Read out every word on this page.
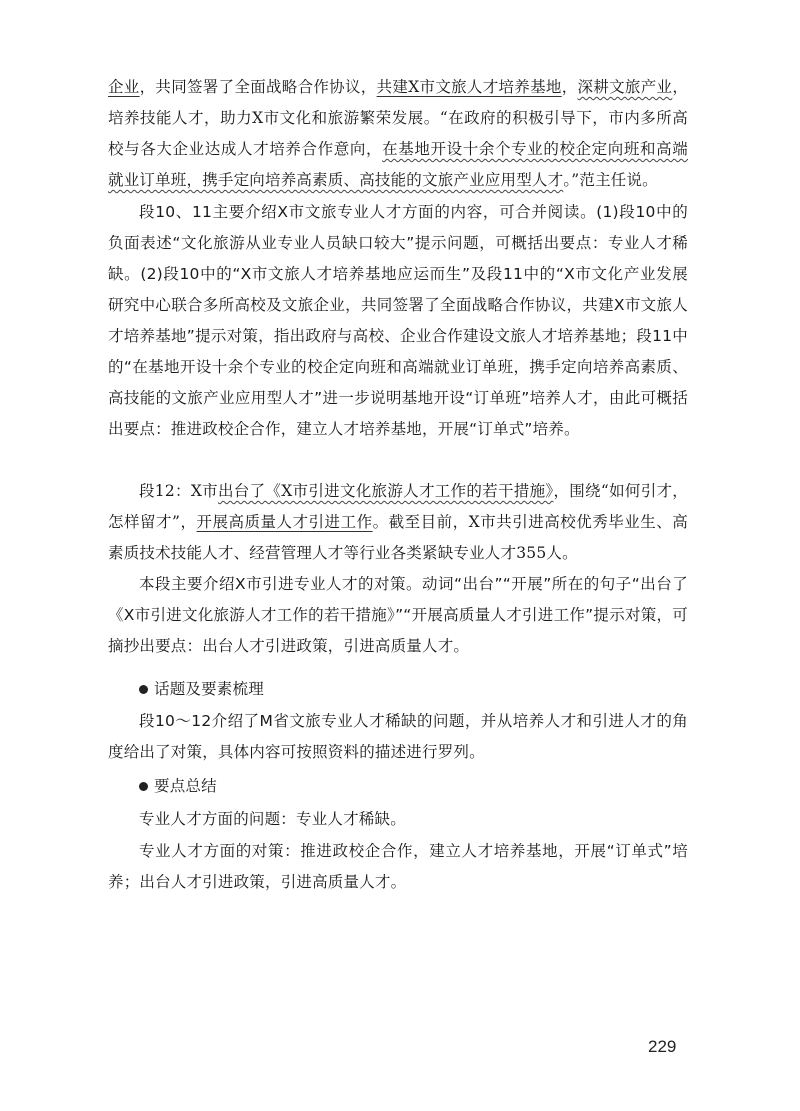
企业，共同签署了全面战略合作协议，共建X市文旅人才培养基地，深耕文旅产业，培养技能人才，助力X市文化和旅游繁荣发展。“在政府的积极引导下，市内多所高校与各大企业达成人才培养合作意向，在基地开设十余个专业的校企定向班和高端就业订单班，携手定向培养高素质、高技能的文旅产业应用型人才。”范主任说。

段10、11主要介绍X市文旅专业人才方面的内容，可合并阅读。(1)段10中的负面表述“文化旅游从业专业人员缺口较大”提示问题，可概括出要点：专业人才稀缺。(2)段10中的“X市文旅人才培养基地应运而生”及段11中的“X市文化产业发展研究中心联合多所高校及文旅企业，共同签署了全面战略合作协议，共建X市文旅人才培养基地”提示对策，指出政府与高校、企业合作建设文旅人才培养基地；段11中的“在基地开设十余个专业的校企定向班和高端就业订单班，携手定向培养高素质、高技能的文旅产业应用型人才”进一步说明基地开设“订单班”培养人才，由此可概括出要点：推进政校企合作，建立人才培养基地，开展“订单式”培养。

段12：X市出台了《X市引进文化旅游人才工作的若干措施》，围绕“如何引才，怎样留才”，开展高质量人才引进工作。截至目前，X市共引进高校优秀毕业生、高素质技术技能人才、经营管理人才等行业各类紧缺专业人才355人。

本段主要介绍X市引进专业人才的对策。动词“出台”“开展”所在的句子“出台了《X市引进文化旅游人才工作的若干措施》”“开展高质量人才引进工作”提示对策，可摘抄出要点：出台人才引进政策，引进高质量人才。

话题及要素梳理

段10～12介绍了M省文旅专业人才稀缺的问题，并从培养人才和引进人才的角度给出了对策，具体内容可按照资料的描述进行罗列。

要点总结

专业人才方面的问题：专业人才稀缺。

专业人才方面的对策：推进政校企合作，建立人才培养基地，开展“订单式”培养；出台人才引进政策，引进高质量人才。

229
